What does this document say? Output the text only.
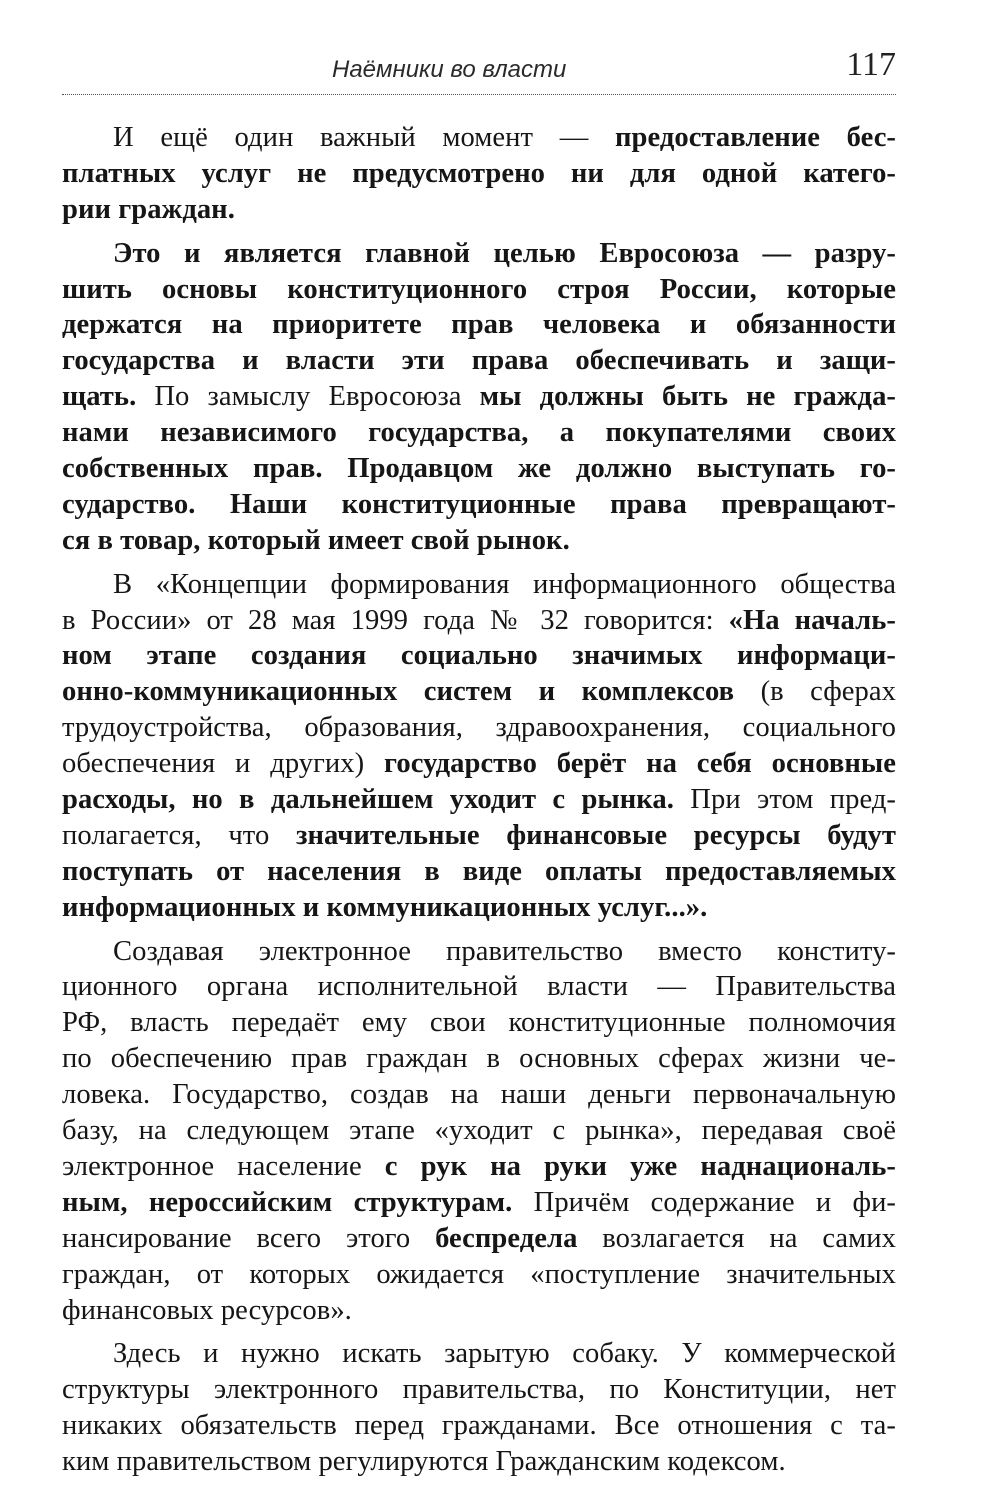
Наёмники во власти	117

И ещё один важный момент — предоставление бес-
платных услуг не предусмотрено ни для одной катего-
рии граждан.

Это и является главной целью Евросоюза — разру-
шить основы конституционного строя России, которые
держатся на приоритете прав человека и обязанности
государства и власти эти права обеспечивать и защи-
щать. По замыслу Евросоюза мы должны быть не гражда-
нами независимого государства, а покупателями своих
собственных прав. Продавцом же должно выступать го-
сударство. Наши конституционные права превращают-
ся в товар, который имеет свой рынок.

В «Концепции формирования информационного общества
в России» от 28 мая 1999 года № 32 говорится: «На началь-
ном этапе создания социально значимых информаци-
онно-коммуникационных систем и комплексов (в сферах
трудоустройства, образования, здравоохранения, социального
обеспечения и других) государство берёт на себя основные
расходы, но в дальнейшем уходит с рынка. При этом пред-
полагается, что значительные финансовые ресурсы будут
поступать от населения в виде оплаты предоставляемых
информационных и коммуникационных услуг...».

Создавая электронное правительство вместо конститу-
ционного органа исполнительной власти — Правительства
РФ, власть передаёт ему свои конституционные полномочия
по обеспечению прав граждан в основных сферах жизни че-
ловека. Государство, создав на наши деньги первоначальную
базу, на следующем этапе «уходит с рынка», передавая своё
электронное население с рук на руки уже наднациональ-
ным, нероссийским структурам. Причём содержание и фи-
нансирование всего этого беспредела возлагается на самих
граждан, от которых ожидается «поступление значительных
финансовых ресурсов».

Здесь и нужно искать зарытую собаку. У коммерческой
структуры электронного правительства, по Конституции, нет
никаких обязательств перед гражданами. Все отношения с та-
ким правительством регулируются Гражданским кодексом.
